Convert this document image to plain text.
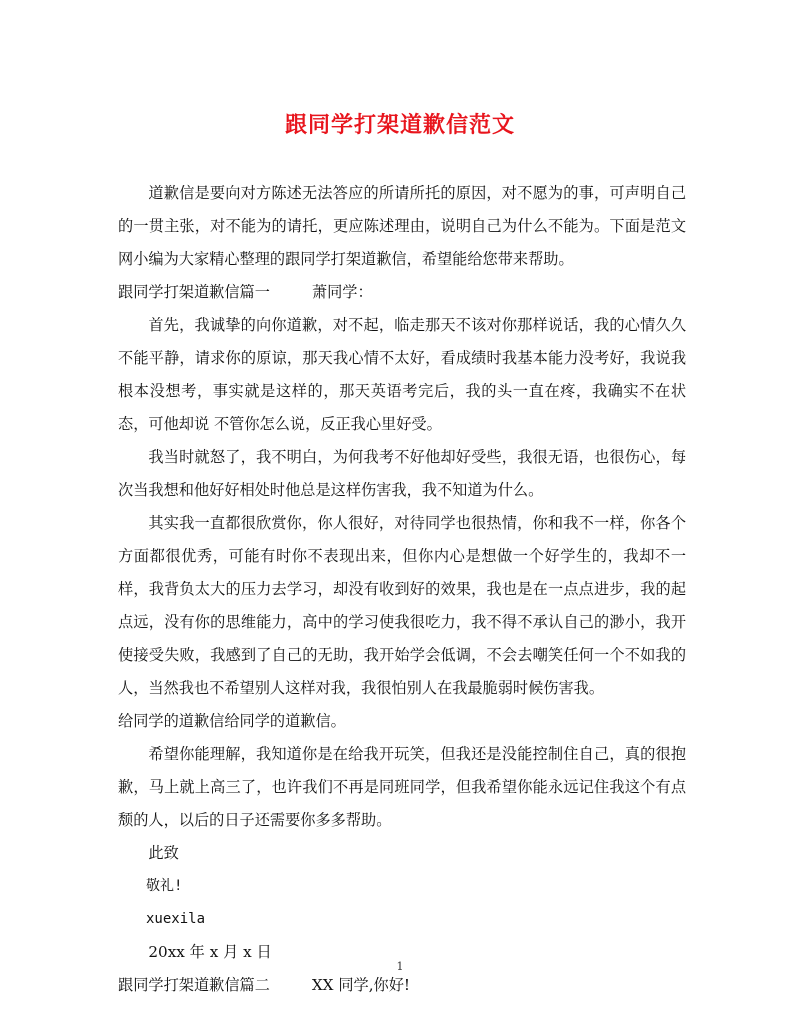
跟同学打架道歉信范文

道歉信是要向对方陈述无法答应的所请所托的原因，对不愿为的事，可声明自己的一贯主张，对不能为的请托，更应陈述理由，说明自己为什么不能为。下面是范文网小编为大家精心整理的跟同学打架道歉信，希望能给您带来帮助。

跟同学打架道歉信篇一	萧同学：

首先，我诚挚的向你道歉，对不起，临走那天不该对你那样说话，我的心情久久不能平静，请求你的原谅，那天我心情不太好，看成绩时我基本能力没考好，我说我根本没想考，事实就是这样的，那天英语考完后，我的头一直在疼，我确实不在状态，可他却说 不管你怎么说，反正我心里好受。

我当时就怒了，我不明白，为何我考不好他却好受些，我很无语，也很伤心，每次当我想和他好好相处时他总是这样伤害我，我不知道为什么。

其实我一直都很欣赏你，你人很好，对待同学也很热情，你和我不一样，你各个方面都很优秀，可能有时你不表现出来，但你内心是想做一个好学生的，我却不一样，我背负太大的压力去学习，却没有收到好的效果，我也是在一点点进步，我的起点远，没有你的思维能力，高中的学习使我很吃力，我不得不承认自己的渺小，我开使接受失败，我感到了自己的无助，我开始学会低调，不会去嘲笑任何一个不如我的人，当然我也不希望别人这样对我，我很怕别人在我最脆弱时候伤害我。

给同学的道歉信给同学的道歉信。

希望你能理解，我知道你是在给我开玩笑，但我还是没能控制住自己，真的很抱歉，马上就上高三了，也许我们不再是同班同学，但我希望你能永远记住我这个有点颓的人，以后的日子还需要你多多帮助。

此致

敬礼!

xuexila

20xx 年 x 月 x 日

跟同学打架道歉信篇二	XX 同学,你好!

1
